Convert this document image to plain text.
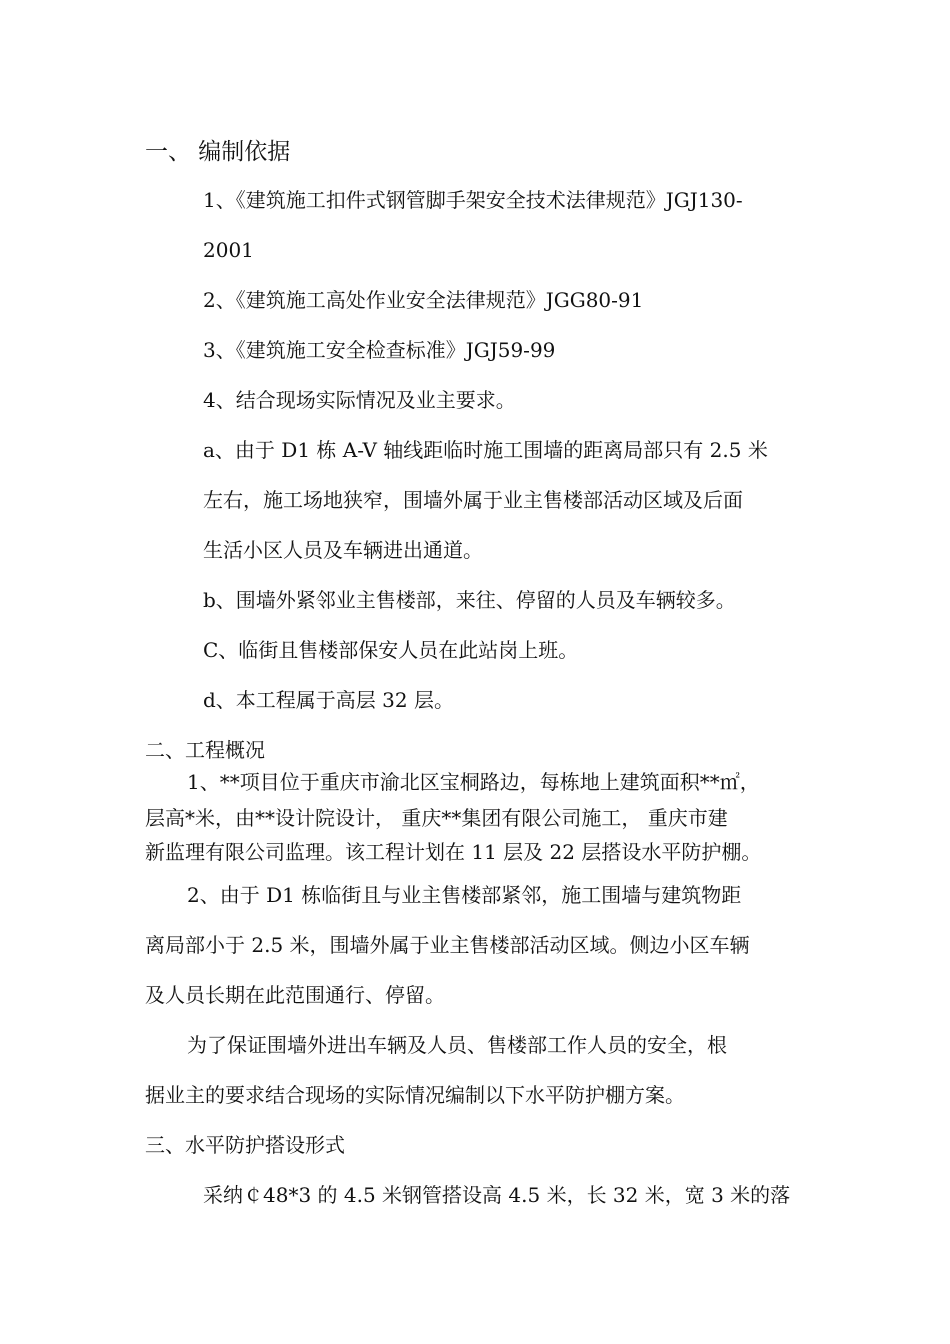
一、 编制依据
1、《建筑施工扣件式钢管脚手架安全技术法律规范》JGJ130-
2001
2、《建筑施工高处作业安全法律规范》JGG80-91
3、《建筑施工安全检查标准》JGJ59-99
4、结合现场实际情况及业主要求。
a、由于 D1 栋 A-V 轴线距临时施工围墙的距离局部只有 2.5 米
左右，施工场地狭窄，围墙外属于业主售楼部活动区域及后面
生活小区人员及车辆进出通道。
b、围墙外紧邻业主售楼部，来往、停留的人员及车辆较多。
C、临街且售楼部保安人员在此站岗上班。
d、本工程属于高层 32 层。
二、工程概况
1、**项目位于重庆市渝北区宝桐路边，每栋地上建筑面积**㎡，
层高*米，由**设计院设计， 重庆**集团有限公司施工， 重庆市建
新监理有限公司监理。该工程计划在 11 层及 22 层搭设水平防护棚。
2、由于 D1 栋临街且与业主售楼部紧邻，施工围墙与建筑物距
离局部小于 2.5 米，围墙外属于业主售楼部活动区域。侧边小区车辆
及人员长期在此范围通行、停留。
为了保证围墙外进出车辆及人员、售楼部工作人员的安全，根
据业主的要求结合现场的实际情况编制以下水平防护棚方案。
三、水平防护搭设形式
采纳￠48*3 的 4.5 米钢管搭设高 4.5 米，长 32 米，宽 3 米的落
